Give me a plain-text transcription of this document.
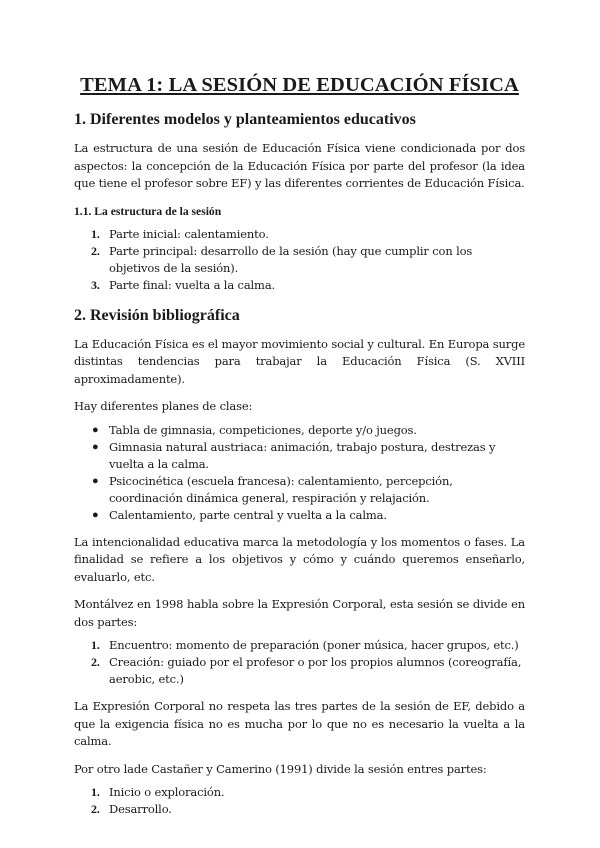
TEMA 1: LA SESIÓN DE EDUCACIÓN FÍSICA
1. Diferentes modelos y planteamientos educativos

La estructura de una sesión de Educación Física viene condicionada por dos aspectos: la concepción de la Educación Física por parte del profesor (la idea que tiene el profesor sobre EF) y las diferentes corrientes de Educación Física.

1.1. La estructura de la sesión
1. Parte inicial: calentamiento.
2. Parte principal: desarrollo de la sesión (hay que cumplir con los objetivos de la sesión).
3. Parte final: vuelta a la calma.
2. Revisión bibliográfica

La Educación Física es el mayor movimiento social y cultural. En Europa surge distintas tendencias para trabajar la Educación Física (S. XVIII aproximadamente).

Hay diferentes planes de clase:

● Tabla de gimnasia, competiciones, deporte y/o juegos.
● Gimnasia natural austriaca: animación, trabajo postura, destrezas y vuelta a la calma.
● Psicocinética (escuela francesa): calentamiento, percepción, coordinación dinámica general, respiración y relajación.
● Calentamiento, parte central y vuelta a la calma.

La intencionalidad educativa marca la metodología y los momentos o fases. La finalidad se refiere a los objetivos y cómo y cuándo queremos enseñarlo, evaluarlo, etc.

Montálvez en 1998 habla sobre la Expresión Corporal, esta sesión se divide en dos partes:

1. Encuentro: momento de preparación (poner música, hacer grupos, etc.)
2. Creación: guiado por el profesor o por los propios alumnos (coreografía, aerobic, etc.)

La Expresión Corporal no respeta las tres partes de la sesión de EF, debido a que la exigencia física no es mucha por lo que no es necesario la vuelta a la calma.

Por otro lade Castañer y Camerino (1991) divide la sesión entres partes:

1. Inicio o exploración.
2. Desarrollo.
